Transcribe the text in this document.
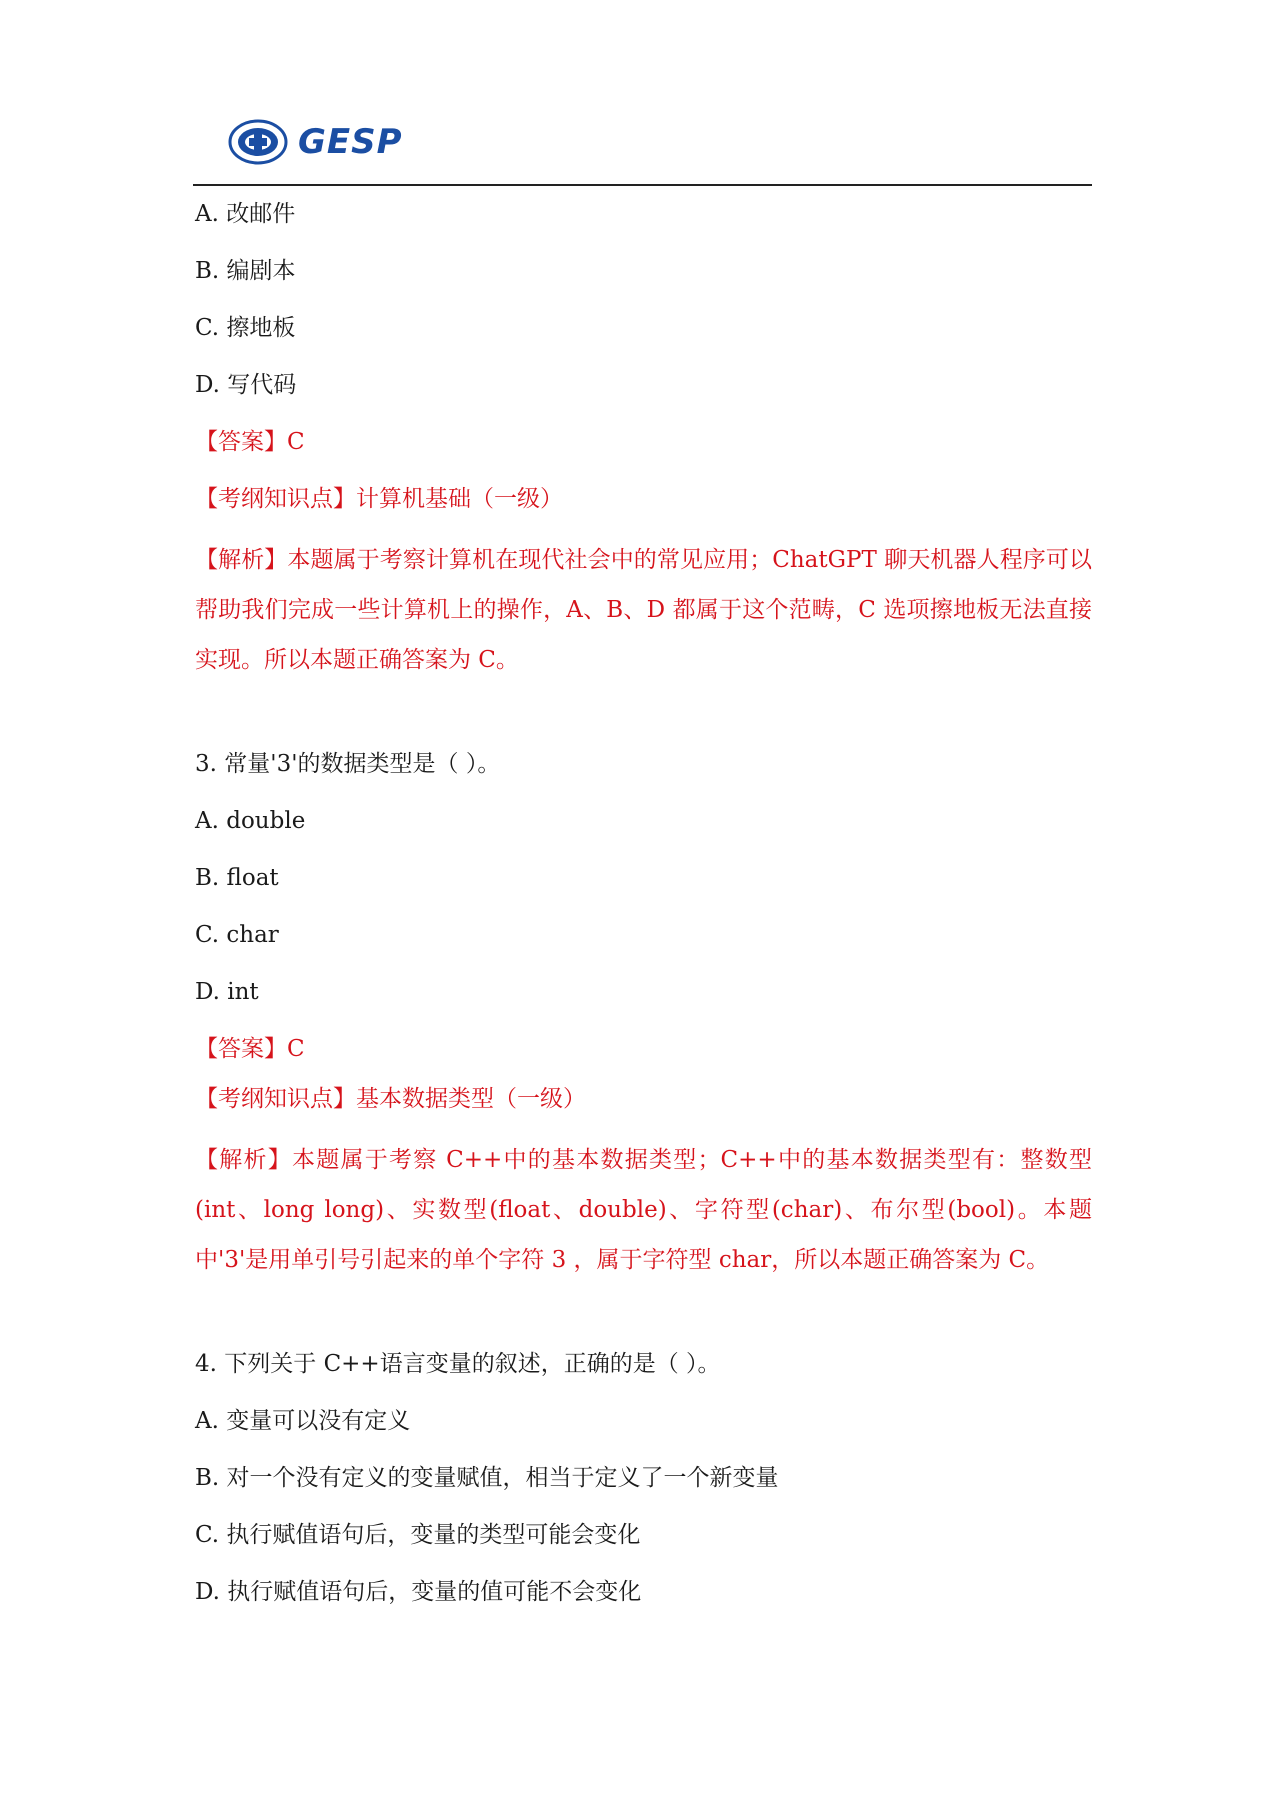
GESP
A. 改邮件
B. 编剧本
C. 擦地板
D. 写代码
【答案】C
【考纲知识点】计算机基础（一级）
【解析】本题属于考察计算机在现代社会中的常见应用；ChatGPT 聊天机器人程序可以帮助我们完成一些计算机上的操作，A、B、D 都属于这个范畴，C 选项擦地板无法直接实现。所以本题正确答案为 C。
3. 常量'3'的数据类型是（ ）。
A. double
B. float
C. char
D. int
【答案】C
【考纲知识点】基本数据类型（一级）
【解析】本题属于考察 C++中的基本数据类型；C++中的基本数据类型有：整数型(int、long long)、实数型(float、double)、字符型(char)、布尔型(bool)。本题中'3'是用单引号引起来的单个字符 3 ，属于字符型 char，所以本题正确答案为 C。
4. 下列关于 C++语言变量的叙述，正确的是（ ）。
A. 变量可以没有定义
B. 对一个没有定义的变量赋值，相当于定义了一个新变量
C. 执行赋值语句后，变量的类型可能会变化
D. 执行赋值语句后，变量的值可能不会变化
